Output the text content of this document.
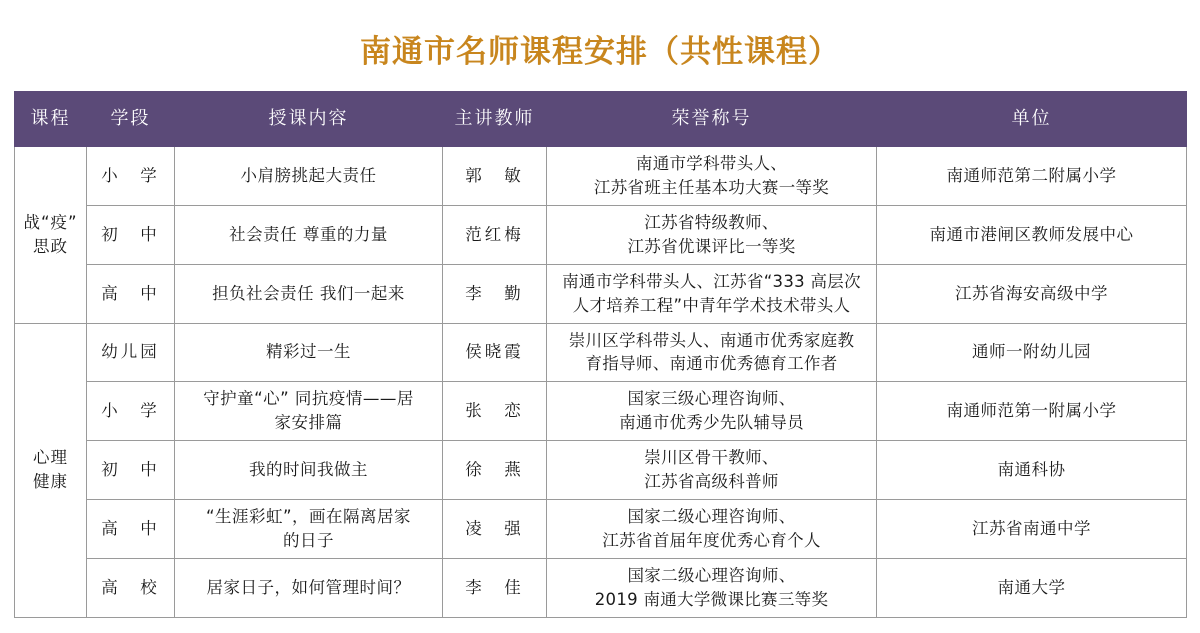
南通市名师课程安排（共性课程）
课程	学段	授课内容	主讲教师	荣誉称号	单位

战“疫”
思政	小　学	小肩膀挑起大责任	郭　敏	南通市学科带头人、
江苏省班主任基本功大赛一等奖	南通师范第二附属小学

	初　中	社会责任 尊重的力量	范红梅	江苏省特级教师、
江苏省优课评比一等奖	南通市港闸区教师发展中心

	高　中	担负社会责任 我们一起来	李　勤	南通市学科带头人、江苏省“333 高层次
人才培养工程”中青年学术技术带头人	江苏省海安高级中学

心理
健康	幼儿园	精彩过一生	侯晓霞	崇川区学科带头人、南通市优秀家庭教
育指导师、南通市优秀德育工作者	通师一附幼儿园

	小　学	守护童“心” 同抗疫情——居
家安排篇	张　恋	国家三级心理咨询师、
南通市优秀少先队辅导员	南通师范第一附属小学

	初　中	我的时间我做主	徐　燕	崇川区骨干教师、
江苏省高级科普师	南通科协

	高　中	“生涯彩虹”，画在隔离居家
的日子	凌　强	国家二级心理咨询师、
江苏省首届年度优秀心育个人	江苏省南通中学

	高　校	居家日子，如何管理时间？	李　佳	国家二级心理咨询师、
2019 南通大学微课比赛三等奖	南通大学
